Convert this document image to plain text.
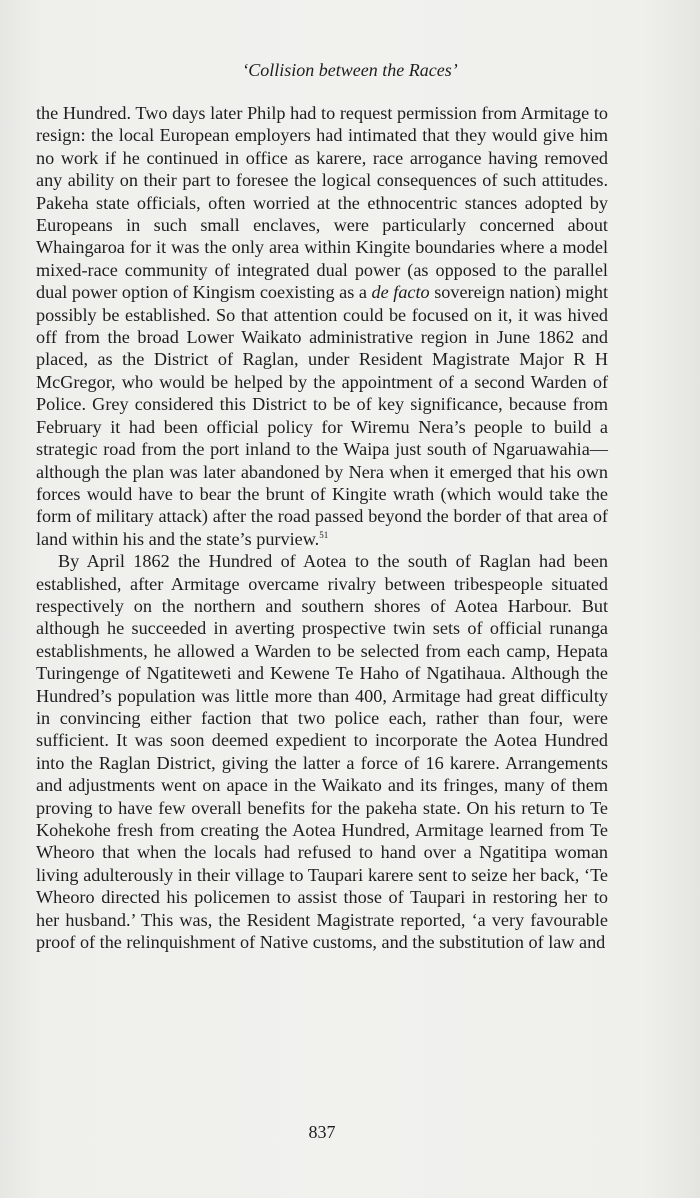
‘Collision between the Races’

the Hundred. Two days later Philp had to request permission from Armitage to resign: the local European employers had intimated that they would give him no work if he continued in office as karere, race arrogance having removed any ability on their part to foresee the logical consequences of such attitudes. Pakeha state officials, often worried at the ethnocentric stances adopted by Europeans in such small enclaves, were particularly concerned about Whaingaroa for it was the only area within Kingite boundaries where a model mixed-race community of integrated dual power (as opposed to the parallel dual power option of Kingism coexisting as a de facto sovereign nation) might possibly be established. So that attention could be focused on it, it was hived off from the broad Lower Waikato administrative region in June 1862 and placed, as the District of Raglan, under Resident Magistrate Major R H McGregor, who would be helped by the appointment of a second Warden of Police. Grey considered this District to be of key significance, because from February it had been official policy for Wiremu Nera’s people to build a strategic road from the port inland to the Waipa just south of Ngaruawahia—although the plan was later abandoned by Nera when it emerged that his own forces would have to bear the brunt of Kingite wrath (which would take the form of military attack) after the road passed beyond the border of that area of land within his and the state’s purview.$^{51}$

By April 1862 the Hundred of Aotea to the south of Raglan had been established, after Armitage overcame rivalry between tribespeople situated respectively on the northern and southern shores of Aotea Harbour. But although he succeeded in averting prospective twin sets of official runanga establishments, he allowed a Warden to be selected from each camp, Hepata Turingenge of Ngatiteweti and Kewene Te Haho of Ngatihaua. Although the Hundred’s population was little more than 400, Armitage had great difficulty in convincing either faction that two police each, rather than four, were sufficient. It was soon deemed expedient to incorporate the Aotea Hundred into the Raglan District, giving the latter a force of 16 karere. Arrangements and adjustments went on apace in the Waikato and its fringes, many of them proving to have few overall benefits for the pakeha state. On his return to Te Kohekohe fresh from creating the Aotea Hundred, Armitage learned from Te Wheoro that when the locals had refused to hand over a Ngatitipa woman living adulterously in their village to Taupari karere sent to seize her back, ‘Te Wheoro directed his policemen to assist those of Taupari in restoring her to her husband.’ This was, the Resident Magistrate reported, ‘a very favourable proof of the relinquishment of Native customs, and the substitution of law and

837
